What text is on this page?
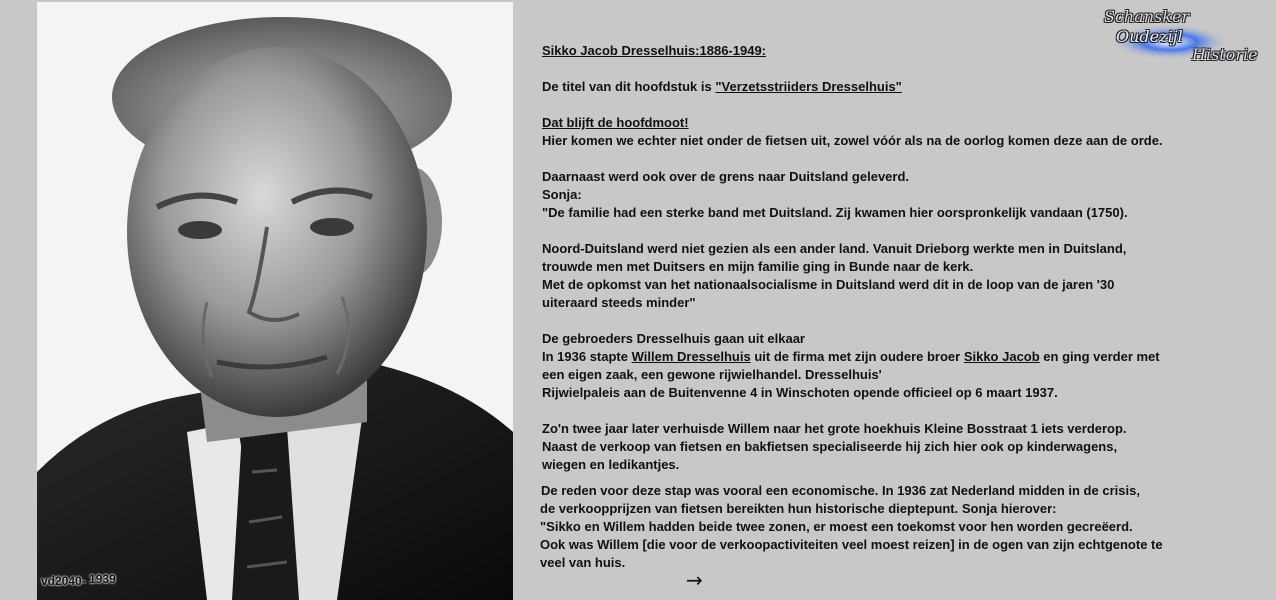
vd2040- 1939
Schansker
Oudezijl
Historie

Sikko Jacob Dresselhuis:1886-1949:

De titel van dit hoofdstuk is "Verzetsstriiders Dresselhuis"

Dat blijft de hoofdmoot!

Hier komen we echter niet onder de fietsen uit, zowel vóór als na de oorlog komen deze aan de orde.

Daarnaast werd ook over de grens naar Duitsland geleverd.

Sonja:

"De familie had een sterke band met Duitsland. Zij kwamen hier oorspronkelijk vandaan (1750).

Noord-Duitsland werd niet gezien als een ander land. Vanuit Drieborg werkte men in Duitsland,

trouwde men met Duitsers en mijn familie ging in Bunde naar de kerk.

Met de opkomst van het nationaalsocialisme in Duitsland werd dit in de loop van de jaren '30

uiteraard steeds minder"

De gebroeders Dresselhuis gaan uit elkaar

In 1936 stapte Willem Dresselhuis uit de firma met zijn oudere broer Sikko Jacob en ging verder met

een eigen zaak, een gewone rijwielhandel. Dresselhuis'

Rijwielpaleis aan de Buitenvenne 4 in Winschoten opende officieel op 6 maart 1937.

Zo'n twee jaar later verhuisde Willem naar het grote hoekhuis Kleine Bosstraat 1 iets verderop.

Naast de verkoop van fietsen en bakfietsen specialiseerde hij zich hier ook op kinderwagens,

wiegen en ledikantjes.

De reden voor deze stap was vooral een economische. In 1936 zat Nederland midden in de crisis,

de verkoopprijzen van fietsen bereikten hun historische dieptepunt. Sonja hierover:

"Sikko en Willem hadden beide twee zonen, er moest een toekomst voor hen worden gecreëerd.

Ook was Willem [die voor de verkoopactiviteiten veel moest reizen] in de ogen van zijn echtgenote te

veel van huis.

→
